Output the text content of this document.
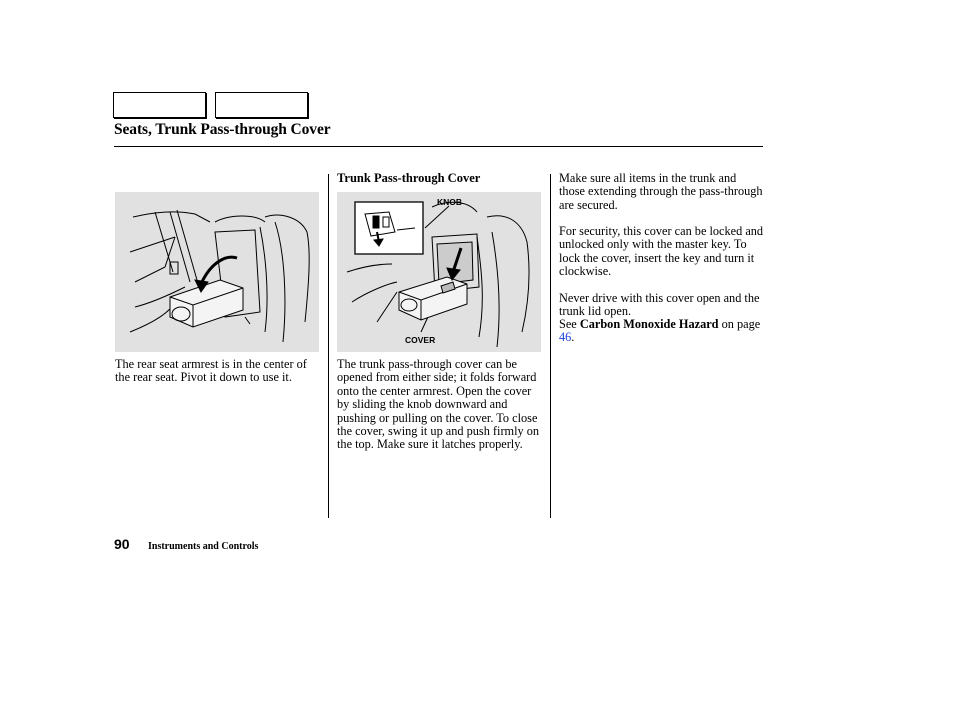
Seats, Trunk Pass-through Cover
KNOB
COVER

The rear seat armrest is in the center of the rear seat. Pivot it down to use it.

Trunk Pass-through Cover

The trunk pass-through cover can be opened from either side; it folds forward onto the center armrest. Open the cover by sliding the knob downward and pushing or pulling on the cover. To close the cover, swing it up and push firmly on the top. Make sure it latches properly.

Make sure all items in the trunk and those extending through the pass-through are secured.

For security, this cover can be locked and unlocked only with the master key. To lock the cover, insert the key and turn it clockwise.

Never drive with this cover open and the trunk lid open.

See Carbon Monoxide Hazard on page 46.
90 Instruments and Controls
